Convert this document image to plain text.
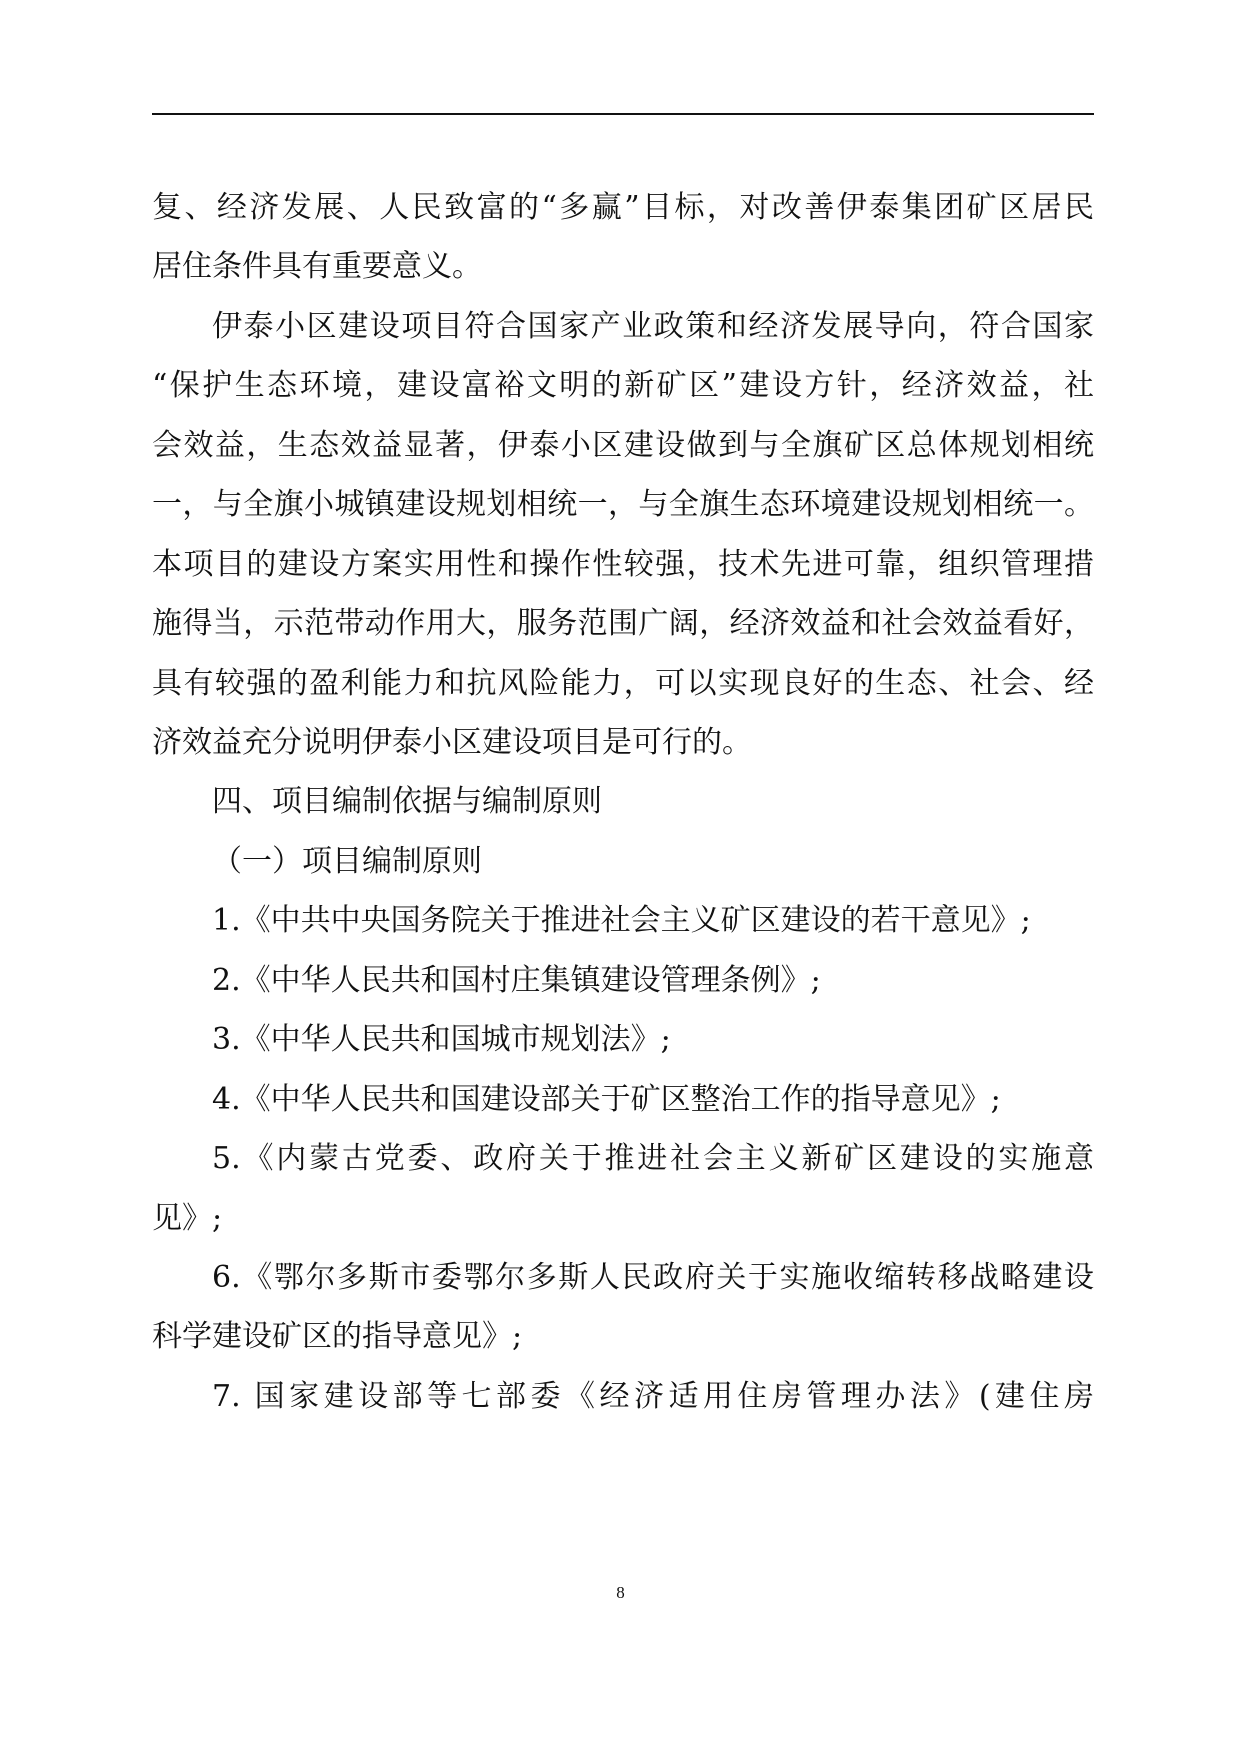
复、经济发展、人民致富的“多赢”目标，对改善伊泰集团矿区居民
居住条件具有重要意义。
伊泰小区建设项目符合国家产业政策和经济发展导向，符合国家
“保护生态环境，建设富裕文明的新矿区”建设方针，经济效益，社
会效益，生态效益显著，伊泰小区建设做到与全旗矿区总体规划相统
一，与全旗小城镇建设规划相统一，与全旗生态环境建设规划相统一。
本项目的建设方案实用性和操作性较强，技术先进可靠，组织管理措
施得当，示范带动作用大，服务范围广阔，经济效益和社会效益看好，
具有较强的盈利能力和抗风险能力，可以实现良好的生态、社会、经
济效益充分说明伊泰小区建设项目是可行的。
四、项目编制依据与编制原则
（一）项目编制原则
1.《中共中央国务院关于推进社会主义矿区建设的若干意见》;
2.《中华人民共和国村庄集镇建设管理条例》;
3.《中华人民共和国城市规划法》;
4.《中华人民共和国建设部关于矿区整治工作的指导意见》;
5.《内蒙古党委、政府关于推进社会主义新矿区建设的实施意
见》;
6.《鄂尔多斯市委鄂尔多斯人民政府关于实施收缩转移战略建设
科学建设矿区的指导意见》;
7. 国家建设部等七部委《经济适用住房管理办法》(建住房
8
